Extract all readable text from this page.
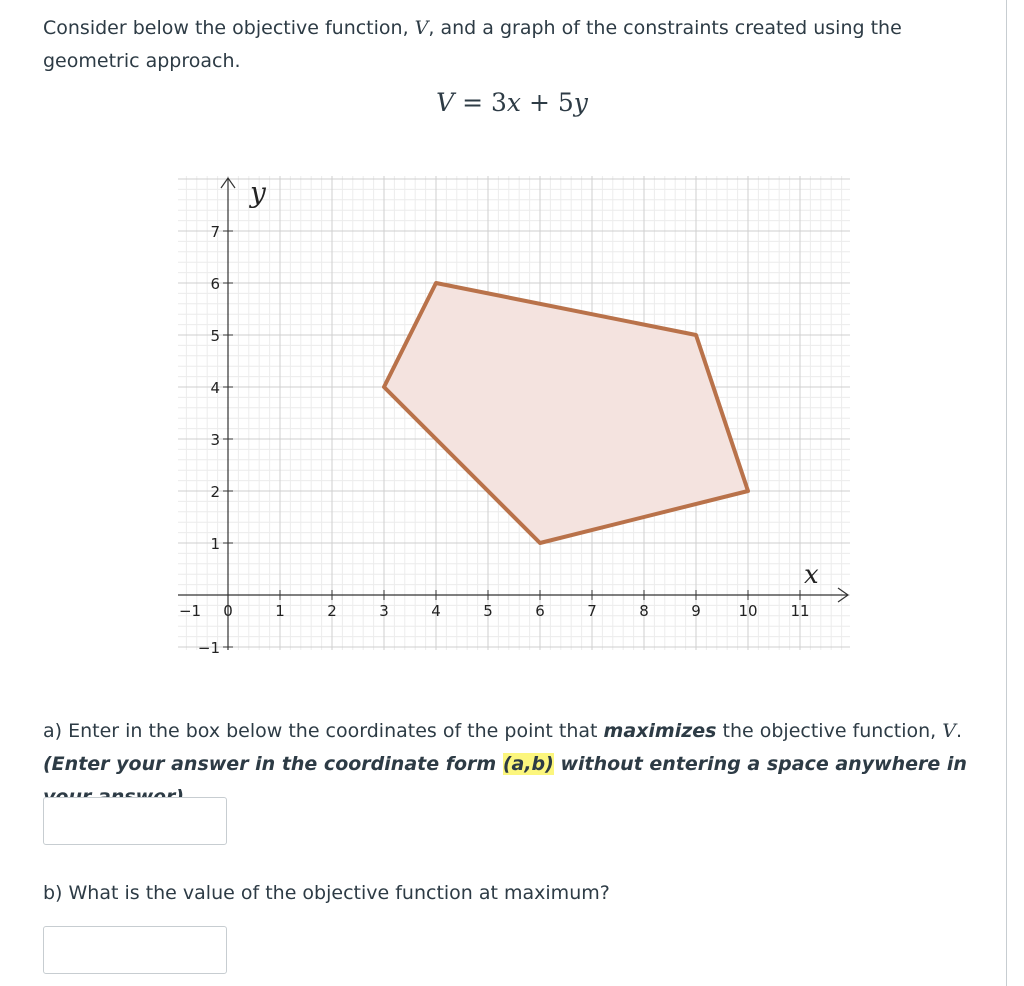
Consider below the objective function, V, and a graph of the constraints created using the geometric approach.

V = 3x + 5y
−1 0	1	2	3	4	5	6	7	8	9	10 11
7
6
5
4
3
2
1
−1
x
y

a) Enter in the box below the coordinates of the point that maximizes the objective function, V.

(Enter your answer in the coordinate form (a,b) without entering a space anywhere in

b) What is the value of the objective function at maximum?
